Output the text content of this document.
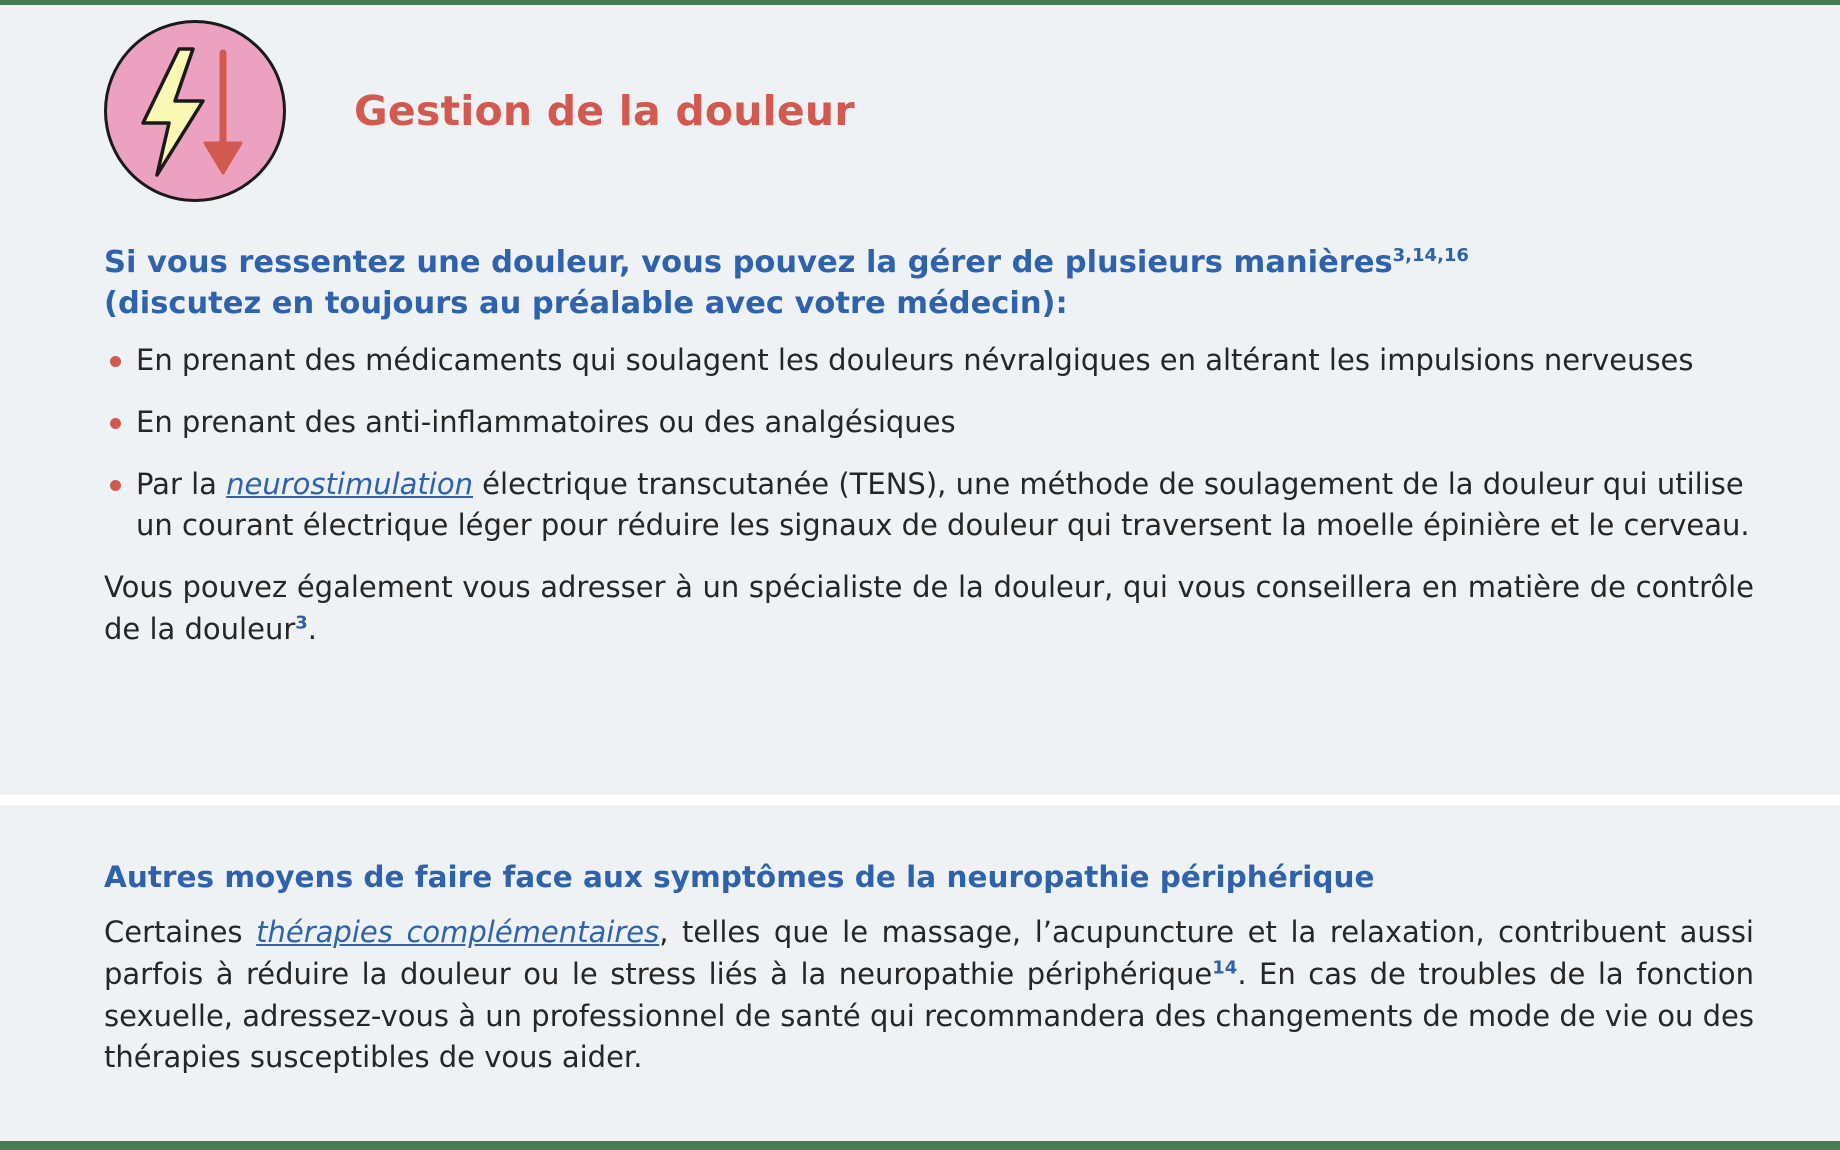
Gestion de la douleur

Si vous ressentez une douleur, vous pouvez la gérer de plusieurs manières$^{3,14,16}$
(discutez en toujours au préalable avec votre médecin):

En prenant des médicaments qui soulagent les douleurs névralgiques en altérant les impulsions nerveuses
En prenant des anti-inflammatoires ou des analgésiques
Par la neurostimulation électrique transcutanée (TENS), une méthode de soulagement de la douleur qui utilise un courant électrique léger pour réduire les signaux de douleur qui traversent la moelle épinière et le cerveau.

Vous pouvez également vous adresser à un spécialiste de la douleur, qui vous conseillera en matière de contrôle de la douleur$^3$.

Autres moyens de faire face aux symptômes de la neuropathie périphérique

Certaines thérapies complémentaires, telles que le massage, l’acupuncture et la relaxation, contribuent aussi parfois à réduire la douleur ou le stress liés à la neuropathie périphérique$^{14}$. En cas de troubles de la fonction sexuelle, adressez-vous à un professionnel de santé qui recommandera des changements de mode de vie ou des thérapies susceptibles de vous aider.
